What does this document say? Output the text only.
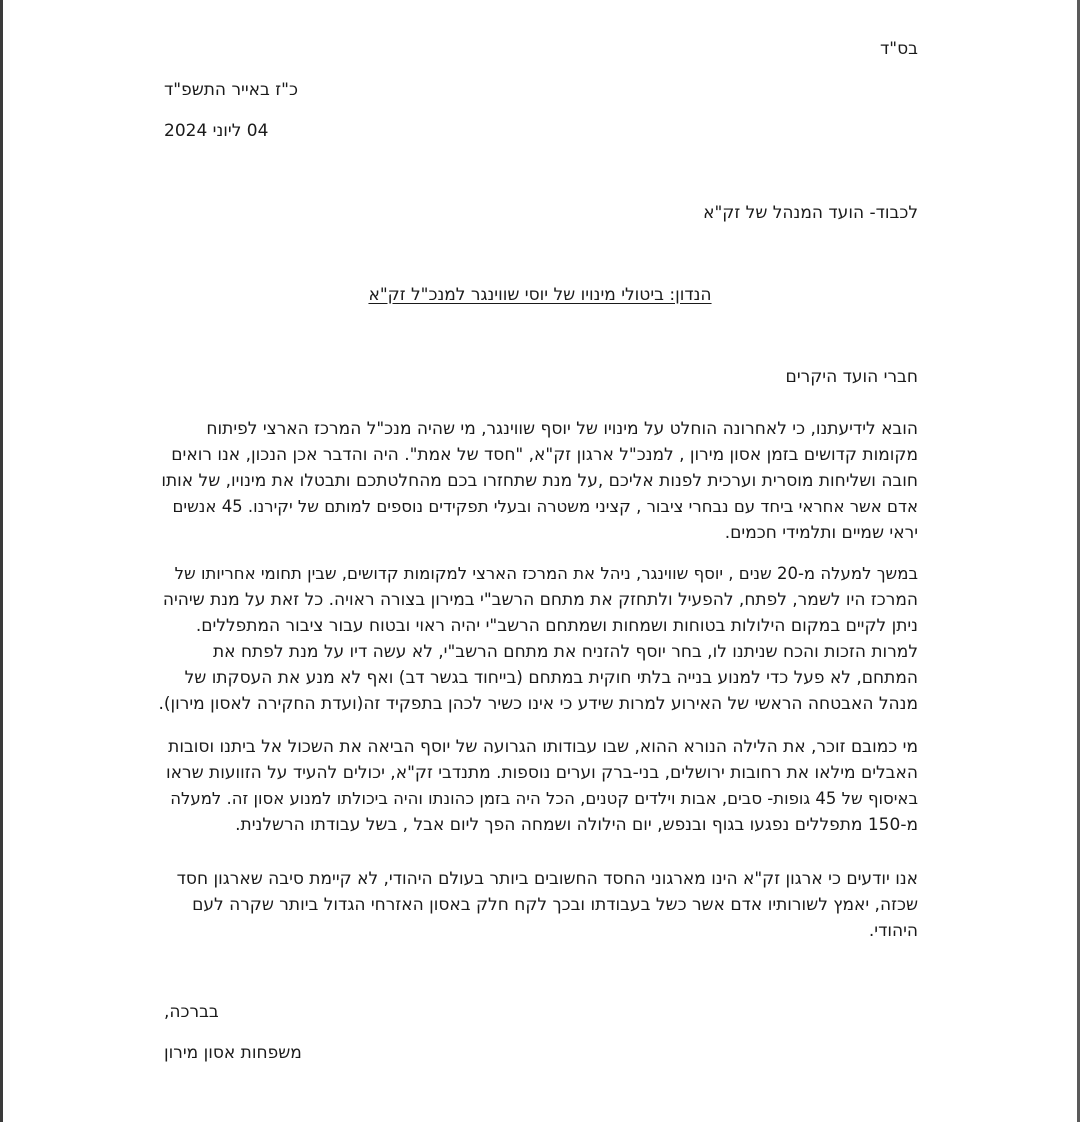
בס"ד
כ"ז באייר התשפ"ד
04 ליוני 2024
לכבוד- הועד המנהל של זק"א
הנדון: ביטולי מינויו של יוסי שווינגר למנכ"ל זק"א
חברי הועד היקרים
הובא לידיעתנו, כי לאחרונה הוחלט על מינויו של יוסף שווינגר, מי שהיה מנכ"ל המרכז הארצי לפיתוח
מקומות קדושים בזמן אסון מירון , למנכ"ל ארגון זק"א, "חסד של אמת". היה והדבר אכן הנכון, אנו רואים
חובה ושליחות מוסרית וערכית לפנות אליכם ,על מנת שתחזרו בכם מהחלטתכם ותבטלו את מינויו, של אותו
אדם אשר אחראי ביחד עם נבחרי ציבור , קציני משטרה ובעלי תפקידים נוספים למותם של יקירנו. 45 אנשים
יראי שמיים ותלמידי חכמים.
במשך למעלה מ-20 שנים , יוסף שווינגר, ניהל את המרכז הארצי למקומות קדושים, שבין תחומי אחריותו של
המרכז היו לשמר, לפתח, להפעיל ולתחזק את מתחם הרשב"י במירון בצורה ראויה. כל זאת על מנת שיהיה
ניתן לקיים במקום הילולות בטוחות ושמחות ושמתחם הרשב"י יהיה ראוי ובטוח עבור ציבור המתפללים.
למרות הזכות והכח שניתנו לו, בחר יוסף להזניח את מתחם הרשב"י, לא עשה דיו על מנת לפתח את
המתחם, לא פעל כדי למנוע בנייה בלתי חוקית במתחם (בייחוד בגשר דב) ואף לא מנע את העסקתו של
מנהל האבטחה הראשי של האירוע למרות שידע כי אינו כשיר לכהן בתפקיד זה(ועדת החקירה לאסון מירון).
מי כמובם זוכר, את הלילה הנורא ההוא, שבו עבודותו הגרועה של יוסף הביאה את השכול אל ביתנו וסובות
האבלים מילאו את רחובות ירושלים, בני-ברק וערים נוספות. מתנדבי זק"א, יכולים להעיד על הזוועות שראו
באיסוף של 45 גופות- סבים, אבות וילדים קטנים, הכל היה בזמן כהונתו והיה ביכולתו למנוע אסון זה. למעלה
מ-150 מתפללים נפגעו בגוף ובנפש, יום הילולה ושמחה הפך ליום אבל , בשל עבודתו הרשלנית.
אנו יודעים כי ארגון זק"א הינו מארגוני החסד החשובים ביותר בעולם היהודי, לא קיימת סיבה שארגון חסד
שכזה, יאמץ לשורותיו אדם אשר כשל בעבודתו ובכך לקח חלק באסון האזרחי הגדול ביותר שקרה לעם
היהודי.
בברכה,
משפחות אסון מירון
